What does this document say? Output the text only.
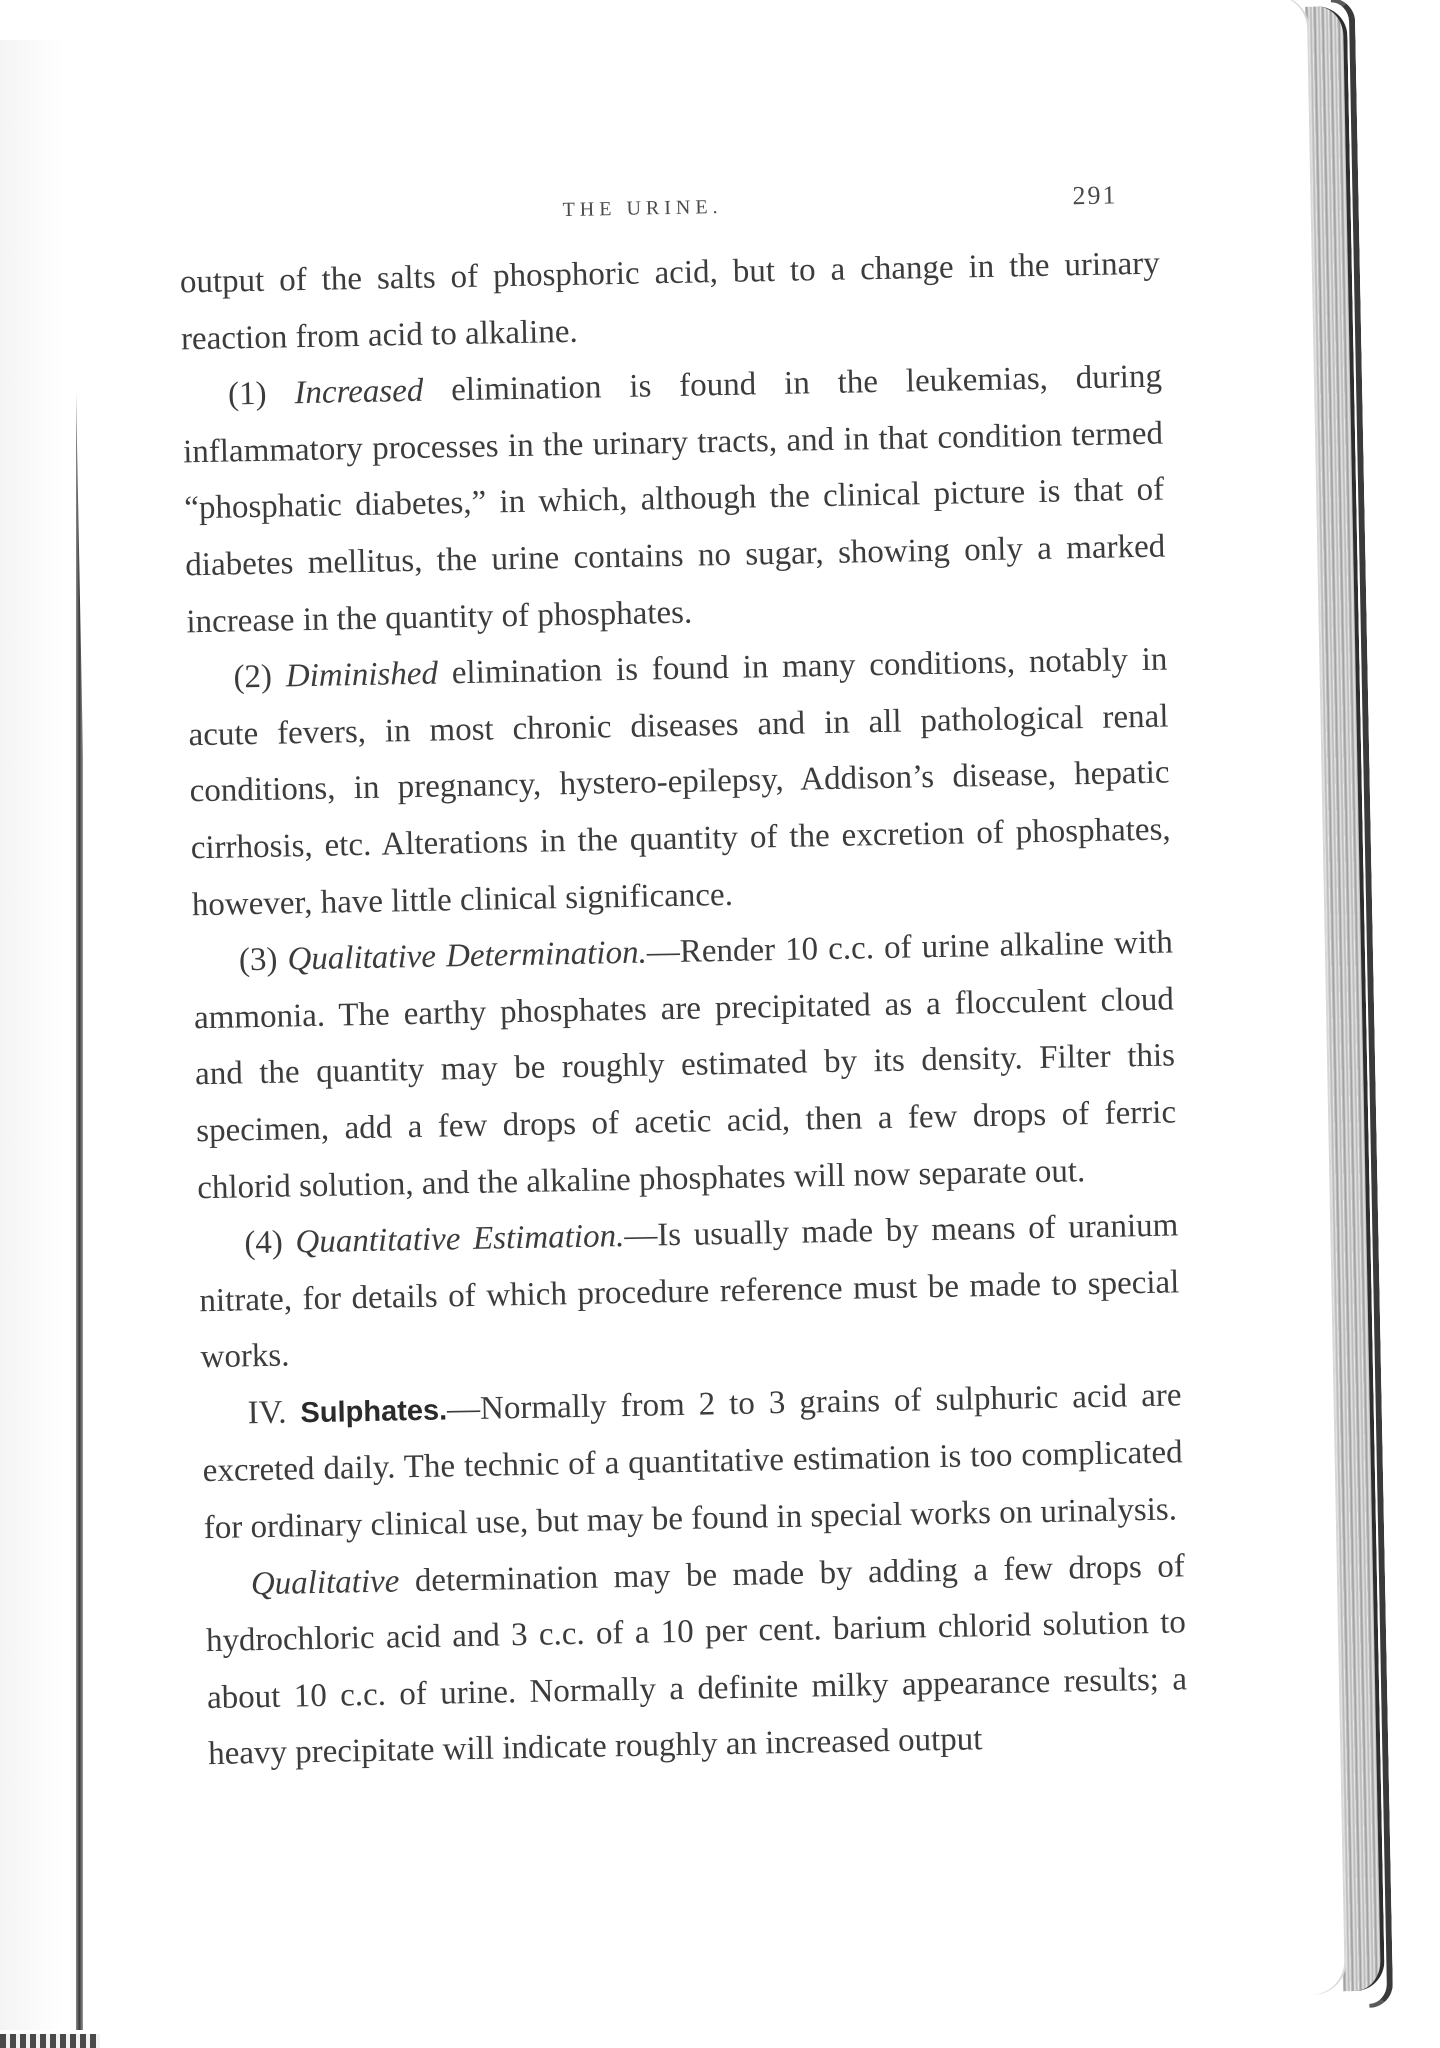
THE URINE.	291

output of the salts of phosphoric acid, but to a change in the urinary reaction from acid to alkaline.

(1) Increased elimination is found in the leukemias, during inflammatory processes in the urinary tracts, and in that condition termed “phosphatic diabetes,” in which, although the clinical picture is that of diabetes mellitus, the urine contains no sugar, showing only a marked increase in the quantity of phosphates.

(2) Diminished elimination is found in many conditions, notably in acute fevers, in most chronic diseases and in all pathological renal conditions, in pregnancy, hystero-epilepsy, Addison’s disease, hepatic cirrhosis, etc. Alterations in the quantity of the excretion of phosphates, however, have little clinical significance.

(3) Qualitative Determination.—Render 10 c.c. of urine alkaline with ammonia. The earthy phosphates are precipitated as a flocculent cloud and the quantity may be roughly estimated by its density. Filter this specimen, add a few drops of acetic acid, then a few drops of ferric chlorid solution, and the alkaline phosphates will now separate out.

(4) Quantitative Estimation.—Is usually made by means of uranium nitrate, for details of which procedure reference must be made to special works.

IV. Sulphates.—Normally from 2 to 3 grains of sulphuric acid are excreted daily. The technic of a quantitative estimation is too complicated for ordinary clinical use, but may be found in special works on urinalysis.

Qualitative determination may be made by adding a few drops of hydrochloric acid and 3 c.c. of a 10 per cent. barium chlorid solution to about 10 c.c. of urine. Normally a definite milky appearance results; a heavy precipitate will indicate roughly an increased output
